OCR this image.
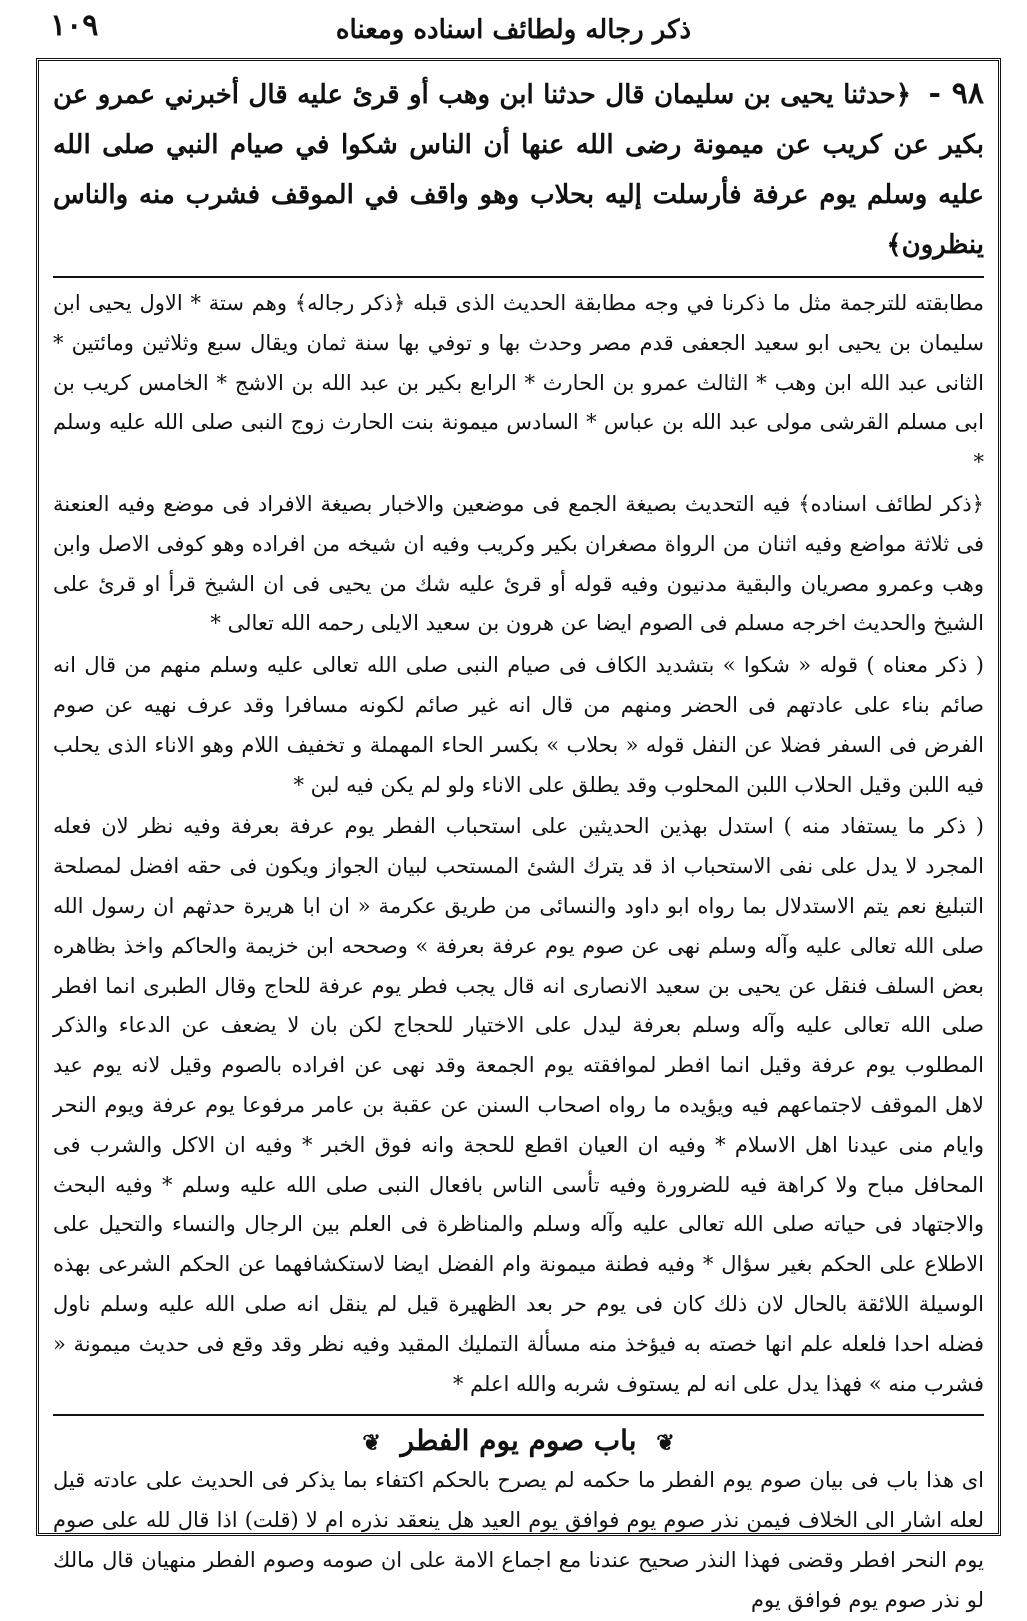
١٠٩	ذكر رجاله ولطائف اسناده ومعناه
٩٨ - ﴿حدثنا يحيى بن سليمان قال حدثنا ابن وهب أو قرئ عليه قال أخبرني عمرو عن بكير عن كريب عن ميمونة رضى الله عنها أن الناس شكوا في صيام النبي صلى الله عليه وسلم يوم عرفة فأرسلت إليه بحلاب وهو واقف في الموقف فشرب منه والناس ينظرون﴾

مطابقته للترجمة مثل ما ذكرنا في وجه مطابقة الحديث الذى قبله ﴿ذكر رجاله﴾ وهم ستة * الاول يحيى ابن سليمان بن يحيى ابو سعيد الجعفى قدم مصر وحدث بها و توفي بها سنة ثمان ويقال سبع وثلاثين ومائتين * الثانى عبد الله ابن وهب * الثالث عمرو بن الحارث * الرابع بكير بن عبد الله بن الاشج * الخامس كريب بن ابى مسلم القرشى مولى عبد الله بن عباس * السادس ميمونة بنت الحارث زوج النبى صلى الله عليه وسلم *

﴿ذكر لطائف اسناده﴾ فيه التحديث بصيغة الجمع فى موضعين والاخبار بصيغة الافراد فى موضع وفيه العنعنة فى ثلاثة مواضع وفيه اثنان من الرواة مصغران بكير وكريب وفيه ان شيخه من افراده وهو كوفى الاصل وابن وهب وعمرو مصريان والبقية مدنيون وفيه قوله أو قرئ عليه شك من يحيى فى ان الشيخ قرأ او قرئ على الشيخ والحديث اخرجه مسلم فى الصوم ايضا عن هرون بن سعيد الايلى رحمه الله تعالى *

( ذكر معناه ) قوله « شكوا » بتشديد الكاف فى صيام النبى صلى الله تعالى عليه وسلم منهم من قال انه صائم بناء على عادتهم فى الحضر ومنهم من قال انه غير صائم لكونه مسافرا وقد عرف نهيه عن صوم الفرض فى السفر فضلا عن النفل قوله « بحلاب » بكسر الحاء المهملة و تخفيف اللام وهو الاناء الذى يحلب فيه اللبن وقيل الحلاب اللبن المحلوب وقد يطلق على الاناء ولو لم يكن فيه لبن *

( ذكر ما يستفاد منه ) استدل بهذين الحديثين على استحباب الفطر يوم عرفة بعرفة وفيه نظر لان فعله المجرد لا يدل على نفى الاستحباب اذ قد يترك الشئ المستحب لبيان الجواز ويكون فى حقه افضل لمصلحة التبليغ نعم يتم الاستدلال بما رواه ابو داود والنسائى من طريق عكرمة « ان ابا هريرة حدثهم ان رسول الله صلى الله تعالى عليه وآله وسلم نهى عن صوم يوم عرفة بعرفة » وصححه ابن خزيمة والحاكم واخذ بظاهره بعض السلف فنقل عن يحيى بن سعيد الانصارى انه قال يجب فطر يوم عرفة للحاج وقال الطبرى انما افطر صلى الله تعالى عليه وآله وسلم بعرفة ليدل على الاختيار للحجاج لكن بان لا يضعف عن الدعاء والذكر المطلوب يوم عرفة وقيل انما افطر لموافقته يوم الجمعة وقد نهى عن افراده بالصوم وقيل لانه يوم عيد لاهل الموقف لاجتماعهم فيه ويؤيده ما رواه اصحاب السنن عن عقبة بن عامر مرفوعا يوم عرفة ويوم النحر وايام منى عيدنا اهل الاسلام * وفيه ان العيان اقطع للحجة وانه فوق الخبر * وفيه ان الاكل والشرب فى المحافل مباح ولا كراهة فيه للضرورة وفيه تأسى الناس بافعال النبى صلى الله عليه وسلم * وفيه البحث والاجتهاد فى حياته صلى الله تعالى عليه وآله وسلم والمناظرة فى العلم بين الرجال والنساء والتحيل على الاطلاع على الحكم بغير سؤال * وفيه فطنة ميمونة وام الفضل ايضا لاستكشافهما عن الحكم الشرعى بهذه الوسيلة اللائقة بالحال لان ذلك كان فى يوم حر بعد الظهيرة قيل لم ينقل انه صلى الله عليه وسلم ناول فضله احدا فلعله علم انها خصته به فيؤخذ منه مسألة التمليك المقيد وفيه نظر وقد وقع فى حديث ميمونة « فشرب منه » فهذا يدل على انه لم يستوف شربه والله اعلم *

❦ باب صوم يوم الفطر ❦

اى هذا باب فى بيان صوم يوم الفطر ما حكمه لم يصرح بالحكم اكتفاء بما يذكر فى الحديث على عادته قيل لعله اشار الى الخلاف فيمن نذر صوم يوم فوافق يوم العيد هل ينعقد نذره ام لا (قلت) اذا قال لله على صوم يوم النحر افطر وقضى فهذا النذر صحيح عندنا مع اجماع الامة على ان صومه وصوم الفطر منهيان قال مالك لو نذر صوم يوم فوافق يوم
